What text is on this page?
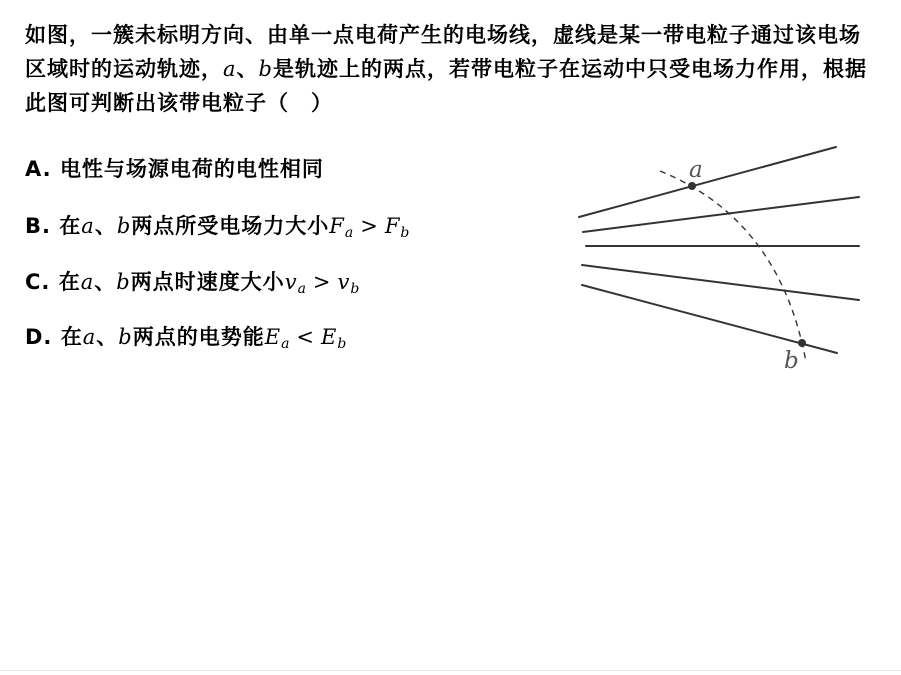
如图，一簇未标明方向、由单一点电荷产生的电场线，虚线是某一带电粒子通过该电场区域时的运动轨迹，a、b是轨迹上的两点，若带电粒子在运动中只受电场力作用，根据此图可判断出该带电粒子（　）
A. 电性与场源电荷的电性相同
B. 在a、b两点所受电场力大小$F_a > F_b$
C. 在a、b两点时速度大小$v_a > v_b$
D. 在a、b两点的电势能$E_a < E_b$
a
b
